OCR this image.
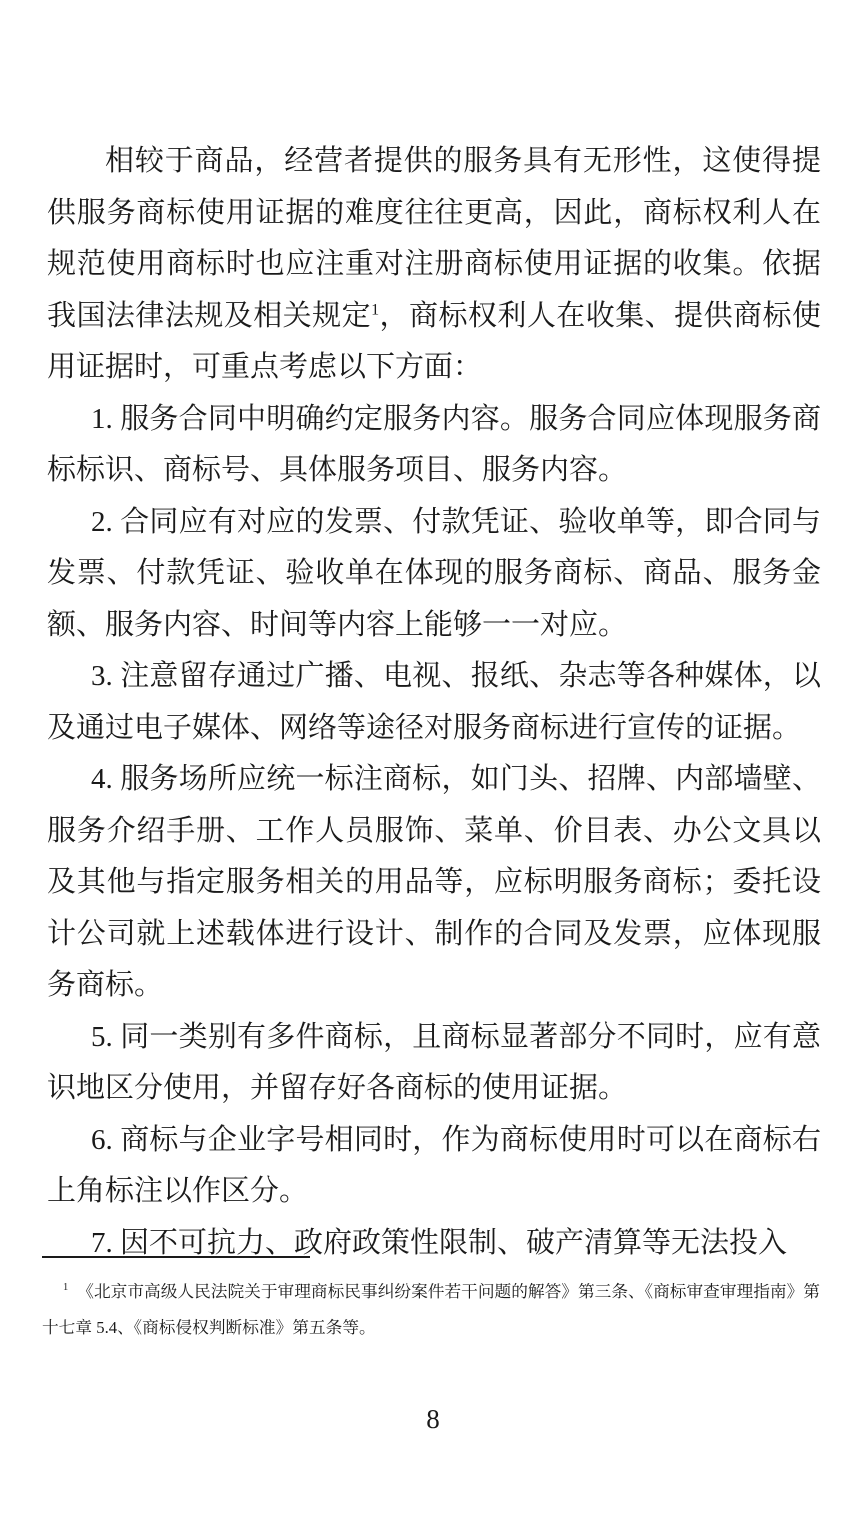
相较于商品，经营者提供的服务具有无形性，这使得提供服务商标使用证据的难度往往更高，因此，商标权利人在规范使用商标时也应注重对注册商标使用证据的收集。依据我国法律法规及相关规定$^1$，商标权利人在收集、提供商标使用证据时，可重点考虑以下方面：

1. 服务合同中明确约定服务内容。服务合同应体现服务商标标识、商标号、具体服务项目、服务内容。

2. 合同应有对应的发票、付款凭证、验收单等，即合同与发票、付款凭证、验收单在体现的服务商标、商品、服务金额、服务内容、时间等内容上能够一一对应。

3. 注意留存通过广播、电视、报纸、杂志等各种媒体，以及通过电子媒体、网络等途径对服务商标进行宣传的证据。

4. 服务场所应统一标注商标，如门头、招牌、内部墙壁、服务介绍手册、工作人员服饰、菜单、价目表、办公文具以及其他与指定服务相关的用品等，应标明服务商标；委托设计公司就上述载体进行设计、制作的合同及发票，应体现服务商标。

5. 同一类别有多件商标，且商标显著部分不同时，应有意识地区分使用，并留存好各商标的使用证据。

6. 商标与企业字号相同时，作为商标使用时可以在商标右上角标注以作区分。

7. 因不可抗力、政府政策性限制、破产清算等无法投入

$^1$ 《北京市高级人民法院关于审理商标民事纠纷案件若干问题的解答》第三条、《商标审查审理指南》第十七章 5.4、《商标侵权判断标准》第五条等。

8
